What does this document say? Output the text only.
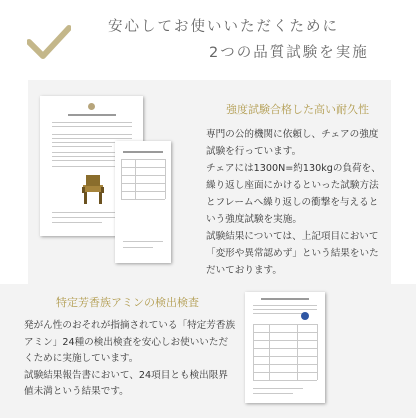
安心してお使いいただくために
2つの品質試験を実施
強度試験合格した高い耐久性

専門の公的機関に依頼し、チェアの強度試験を行っています。

チェアには1300N=約130kgの負荷を、繰り返し座面にかけるといった試験方法とフレームへ繰り返しの衝撃を与えるという強度試験を実施。

試験結果については、上記項目において「変形や異常認めず」という結果をいただいております。

特定芳香族アミンの検出検査

発がん性のおそれが指摘されている「特定芳香族アミン」24種の検出検査を安心しお使いいただくために実施しています。

試験結果報告書において、24項目とも検出限界値未満という結果です。
